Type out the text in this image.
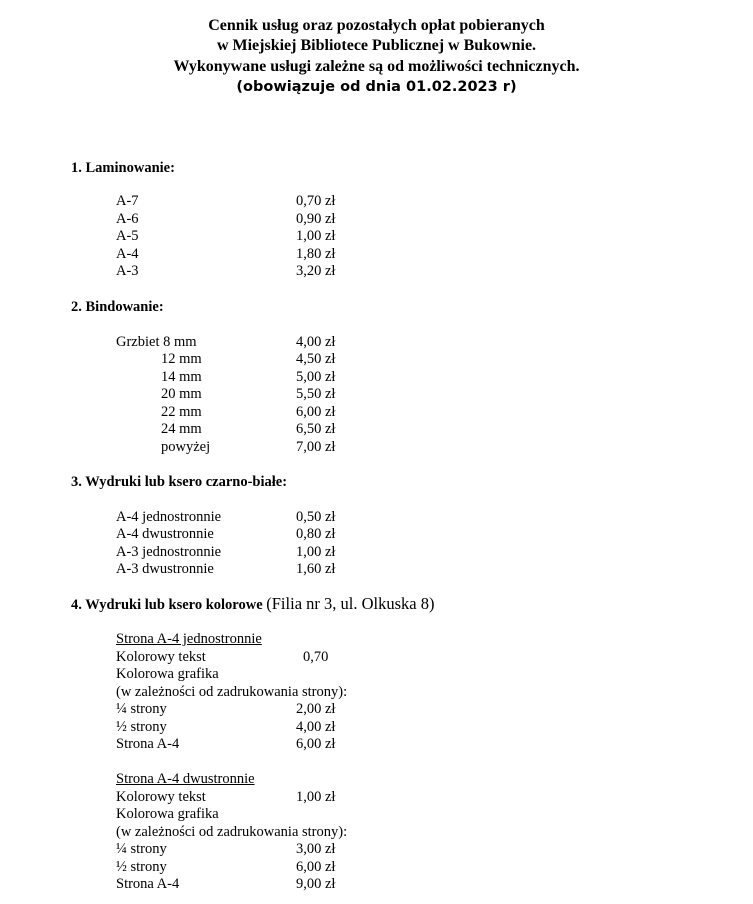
Cennik usług oraz pozostałych opłat pobieranych
w Miejskiej Bibliotece Publicznej w Bukownie.
Wykonywane usługi zależne są od możliwości technicznych.
(obowiązuje od dnia 01.02.2023 r)
1. Laminowanie:
A-7	0,70 zł
A-6	0,90 zł
A-5	1,00 zł
A-4	1,80 zł
A-3	3,20 zł
2. Bindowanie:
Grzbiet 8 mm	4,00 zł
12 mm	4,50 zł
14 mm	5,00 zł
20 mm	5,50 zł
22 mm	6,00 zł
24 mm	6,50 zł
powyżej	7,00 zł
3. Wydruki lub ksero czarno-białe:
A-4 jednostronnie	0,50 zł
A-4 dwustronnie	0,80 zł
A-3 jednostronnie	1,00 zł
A-3 dwustronnie	1,60 zł
4. Wydruki lub ksero kolorowe (Filia nr 3, ul. Olkuska 8)
Strona A-4 jednostronnie
Kolorowy tekst	0,70
Kolorowa grafika
(w zależności od zadrukowania strony):
¼ strony	2,00 zł
½ strony	4,00 zł
Strona A-4	6,00 zł
Strona A-4 dwustronnie
Kolorowy tekst	1,00 zł
Kolorowa grafika
(w zależności od zadrukowania strony):
¼ strony	3,00 zł
½ strony	6,00 zł
Strona A-4	9,00 zł
